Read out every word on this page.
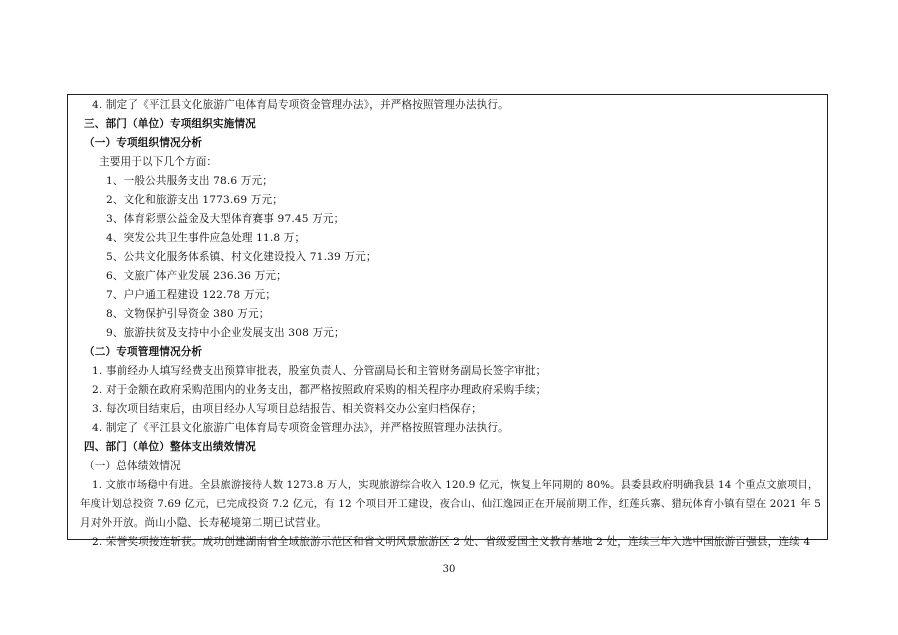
4. 制定了《平江县文化旅游广电体育局专项资金管理办法》，并严格按照管理办法执行。
三、部门（单位）专项组织实施情况
（一）专项组织情况分析
主要用于以下几个方面：
1、一般公共服务支出 78.6 万元；
2、文化和旅游支出 1773.69 万元；
3、体育彩票公益金及大型体育赛事 97.45 万元；
4、突发公共卫生事件应急处理 11.8 万；
5、公共文化服务体系镇、村文化建设投入 71.39 万元；
6、文旅广体产业发展 236.36 万元；
7、户户通工程建设 122.78 万元；
8、文物保护引导资金 380 万元；
9、旅游扶贫及支持中小企业发展支出 308 万元；
（二）专项管理情况分析
1. 事前经办人填写经费支出预算审批表，股室负责人、分管副局长和主管财务副局长签字审批；
2. 对于金额在政府采购范围内的业务支出，都严格按照政府采购的相关程序办理政府采购手续；
3. 每次项目结束后，由项目经办人写项目总结报告、相关资料交办公室归档保存；
4. 制定了《平江县文化旅游广电体育局专项资金管理办法》，并严格按照管理办法执行。
四、部门（单位）整体支出绩效情况
（一）总体绩效情况
1. 文旅市场稳中有进。全县旅游接待人数 1273.8 万人，实现旅游综合收入 120.9 亿元，恢复上年同期的 80%。县委县政府明确我县 14 个重点文旅项目，
年度计划总投资 7.69 亿元，已完成投资 7.2 亿元，有 12 个项目开工建设，夜合山、仙江逸园正在开展前期工作，红莲兵寨、猎玩体育小镇有望在 2021 年 5
月对外开放。尚山小隐、长寿秘境第二期已试营业。
2. 荣誉奖项接连斩获。成功创建湖南省全域旅游示范区和省文明风景旅游区 2 处、省级爱国主义教育基地 2 处，连续三年入选中国旅游百强县，连续 4
30
